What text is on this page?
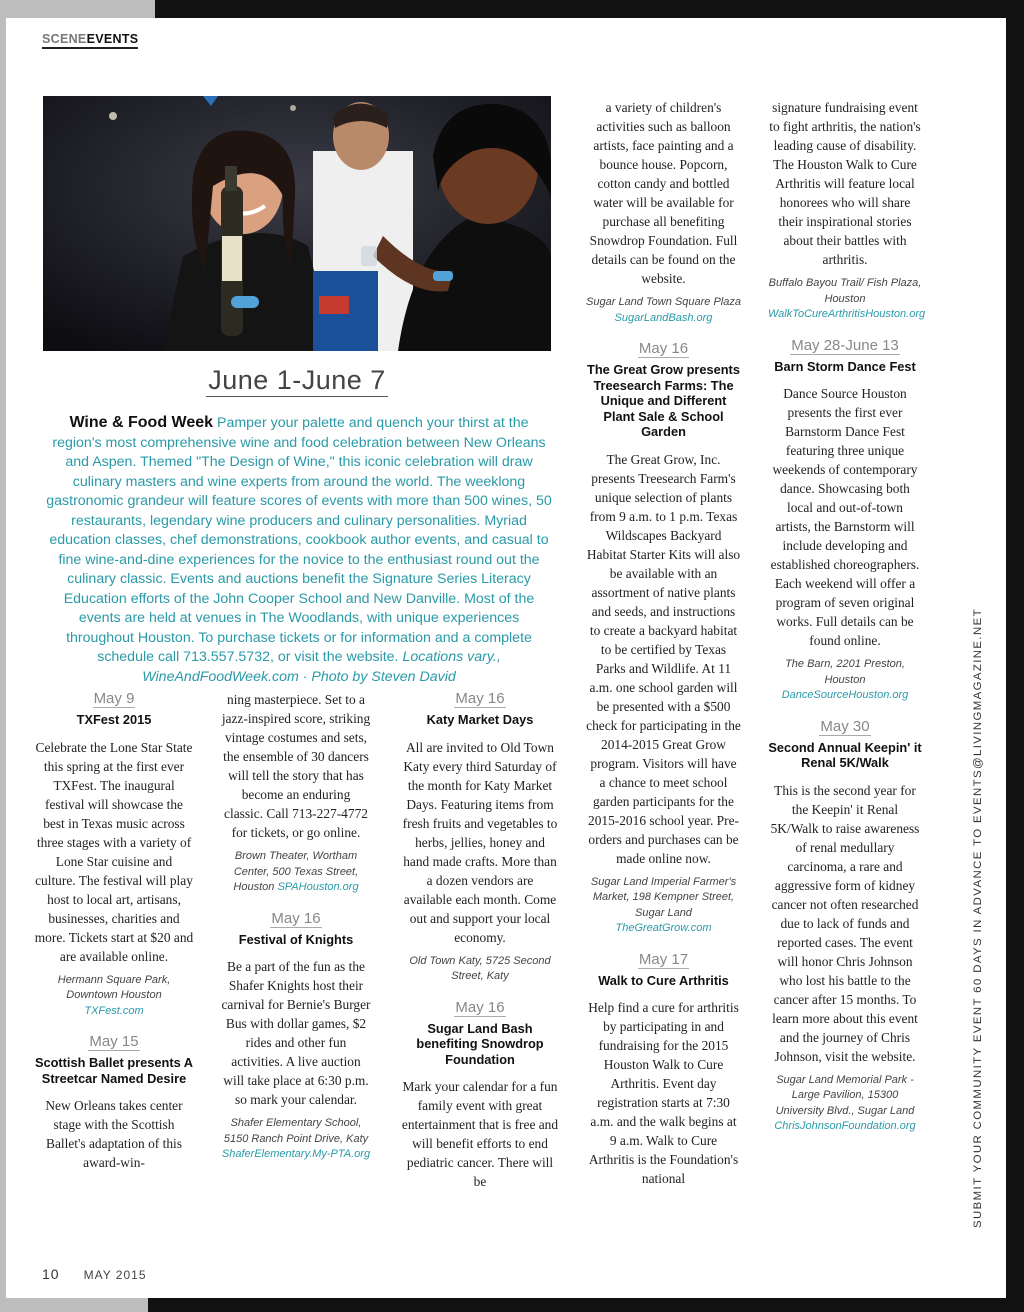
SCENEEVENTS
June 1-June 7
Wine & Food Week Pamper your palette and quench your thirst at the region's most comprehensive wine and food celebration between New Orleans and Aspen. Themed "The Design of Wine," this iconic celebration will draw culinary masters and wine experts from around the world. The weeklong gastronomic grandeur will feature scores of events with more than 500 wines, 50 restaurants, legendary wine producers and culinary personalities. Myriad education classes, chef demonstrations, cookbook author events, and casual to fine wine-and-dine experiences for the novice to the enthusiast round out the culinary classic. Events and auctions benefit the Signature Series Literacy Education efforts of the John Cooper School and New Danville. Most of the events are held at venues in The Woodlands, with unique experiences throughout Houston. To purchase tickets or for information and a complete schedule call 713.557.5732, or visit the website. Locations vary., WineAndFoodWeek.com · Photo by Steven David
May 9
TXFest 2015
Celebrate the Lone Star State this spring at the first ever TXFest. The inaugural festival will showcase the best in Texas music across three stages with a variety of Lone Star cuisine and culture. The festival will play host to local art, artisans, businesses, charities and more. Tickets start at $20 and are available online.
Hermann Square Park, Downtown Houston
TXFest.com
May 15
Scottish Ballet presents A Streetcar Named Desire
New Orleans takes center stage with the Scottish Ballet's adaptation of this award-win-
ning masterpiece. Set to a jazz-inspired score, striking vintage costumes and sets, the ensemble of 30 dancers will tell the story that has become an enduring classic. Call 713-227-4772 for tickets, or go online.
Brown Theater, Wortham Center, 500 Texas Street, Houston SPAHouston.org
May 16
Festival of Knights
Be a part of the fun as the Shafer Knights host their carnival for Bernie's Burger Bus with dollar games, $2 rides and other fun activities. A live auction will take place at 6:30 p.m. so mark your calendar.
Shafer Elementary School, 5150 Ranch Point Drive, Katy ShaferElementary.My-PTA.org
May 16
Katy Market Days
All are invited to Old Town Katy every third Saturday of the month for Katy Market Days. Featuring items from fresh fruits and vegetables to herbs, jellies, honey and hand made crafts. More than a dozen vendors are available each month. Come out and support your local economy.
Old Town Katy, 5725 Second Street, Katy
May 16
Sugar Land Bash benefiting Snowdrop Foundation
Mark your calendar for a fun family event with great entertainment that is free and will benefit efforts to end pediatric cancer. There will be
a variety of children's activities such as balloon artists, face painting and a bounce house. Popcorn, cotton candy and bottled water will be available for purchase all benefiting Snowdrop Foundation. Full details can be found on the website.
Sugar Land Town Square Plaza SugarLandBash.org
May 16
The Great Grow presents Treesearch Farms: The Unique and Different Plant Sale & School Garden
The Great Grow, Inc. presents Treesearch Farm's unique selection of plants from 9 a.m. to 1 p.m. Texas Wildscapes Backyard Habitat Starter Kits will also be available with an assortment of native plants and seeds, and instructions to create a backyard habitat to be certified by Texas Parks and Wildlife. At 11 a.m. one school garden will be presented with a $500 check for participating in the 2014-2015 Great Grow program. Visitors will have a chance to meet school garden participants for the 2015-2016 school year. Pre-orders and purchases can be made online now.
Sugar Land Imperial Farmer's Market, 198 Kempner Street, Sugar Land TheGreatGrow.com
May 17
Walk to Cure Arthritis
Help find a cure for arthritis by participating in and fundraising for the 2015 Houston Walk to Cure Arthritis. Event day registration starts at 7:30 a.m. and the walk begins at 9 a.m. Walk to Cure Arthritis is the Foundation's national
signature fundraising event to fight arthritis, the nation's leading cause of disability. The Houston Walk to Cure Arthritis will feature local honorees who will share their inspirational stories about their battles with arthritis.
Buffalo Bayou Trail/ Fish Plaza, Houston
WalkToCureArthritisHouston.org
May 28-June 13
Barn Storm Dance Fest
Dance Source Houston presents the first ever Barnstorm Dance Fest featuring three unique weekends of contemporary dance. Showcasing both local and out-of-town artists, the Barnstorm will include developing and established choreographers. Each weekend will offer a program of seven original works. Full details can be found online.
The Barn, 2201 Preston, Houston
DanceSourceHouston.org
May 30
Second Annual Keepin' it Renal 5K/Walk
This is the second year for the Keepin' it Renal 5K/Walk to raise awareness of renal medullary carcinoma, a rare and aggressive form of kidney cancer not often researched due to lack of funds and reported cases. The event will honor Chris Johnson who lost his battle to the cancer after 15 months. To learn more about this event and the journey of Chris Johnson, visit the website.
Sugar Land Memorial Park - Large Pavilion, 15300 University Blvd., Sugar Land
ChrisJohnsonFoundation.org
10 MAY 2015
SUBMIT YOUR COMMUNITY EVENT 60 DAYS IN ADVANCE TO EVENTS@LIVINGMAGAZINE.NET
